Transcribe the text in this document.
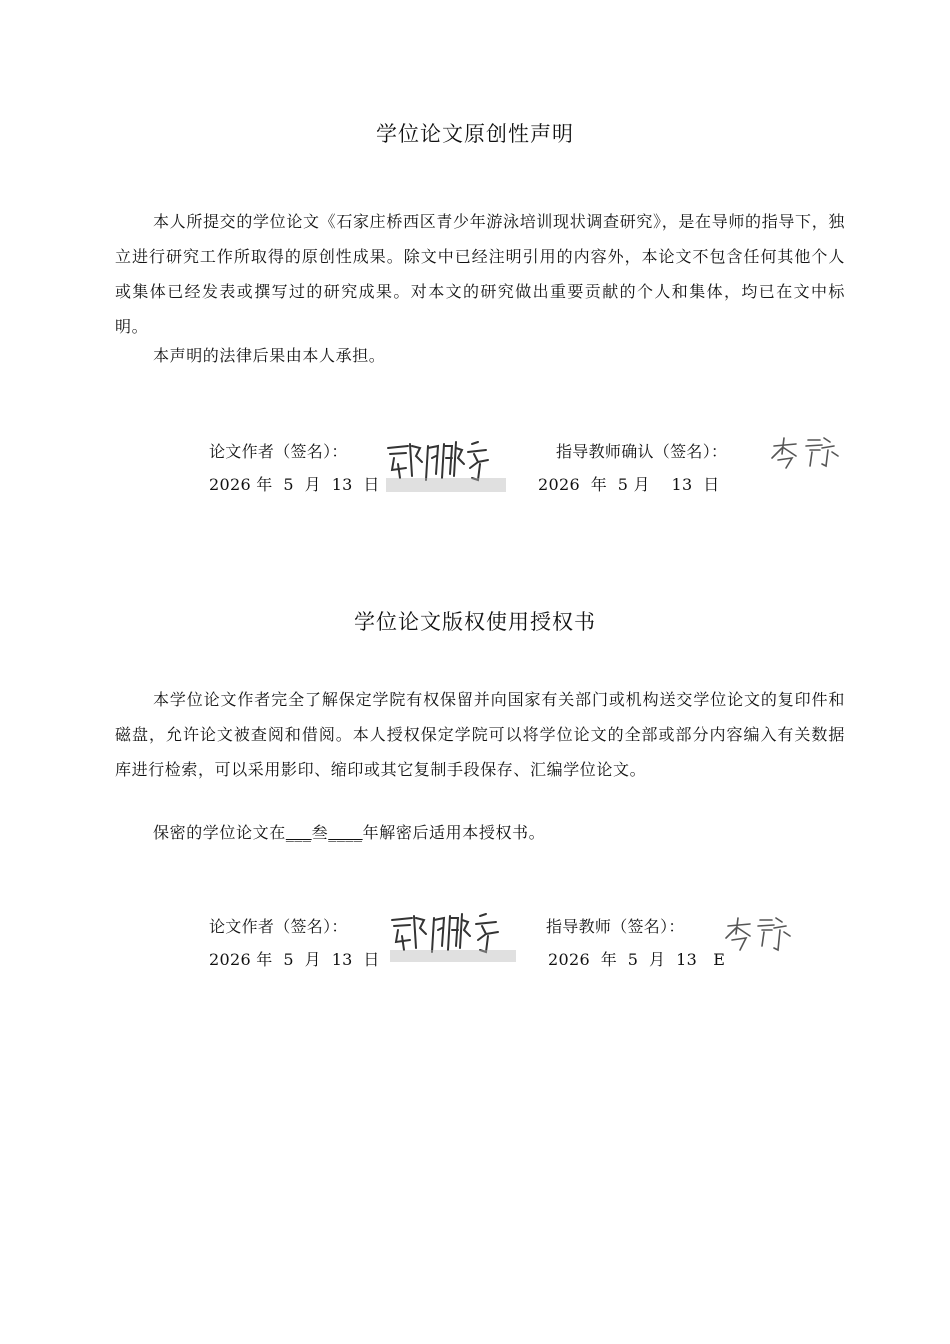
学位论文原创性声明

本人所提交的学位论文《石家庄桥西区青少年游泳培训现状调查研究》，是在导师的指导下，独立进行研究工作所取得的原创性成果。除文中已经注明引用的内容外，本论文不包含任何其他个人或集体已经发表或撰写过的研究成果。对本文的研究做出重要贡献的个人和集体，均已在文中标明。

本声明的法律后果由本人承担。

论文作者（签名）：
2026 年  5  月  13  日
指导教师确认（签名）：
2026  年  5 月    13  日
学位论文版权使用授权书

本学位论文作者完全了解保定学院有权保留并向国家有关部门或机构送交学位论文的复印件和磁盘，允许论文被查阅和借阅。本人授权保定学院可以将学位论文的全部或部分内容编入有关数据库进行检索，可以采用影印、缩印或其它复制手段保存、汇编学位论文。

保密的学位论文在___叁____年解密后适用本授权书。

论文作者（签名）：
2026 年  5  月  13  日
指导教师（签名）：
2026  年  5  月  13   E
